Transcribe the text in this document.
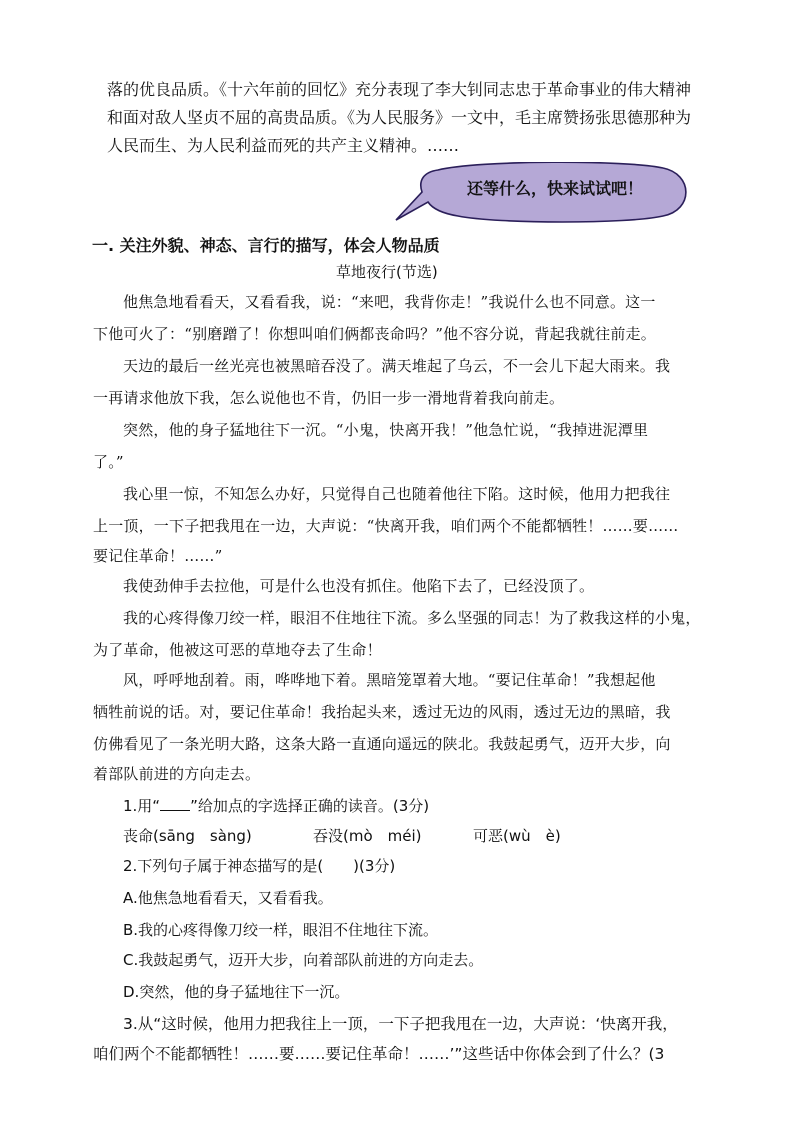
落的优良品质。《十六年前的回忆》充分表现了李大钊同志忠于革命事业的伟大精神
和面对敌人坚贞不屈的高贵品质。《为人民服务》一文中，毛主席赞扬张思德那种为
人民而生、为人民利益而死的共产主义精神。……
还等什么，快来试试吧！
一. 关注外貌、神态、言行的描写，体会人物品质
草地夜行(节选)
他焦急地看看天，又看看我，说：“来吧，我背你走！”我说什么也不同意。这一
下他可火了：“别磨蹭了！你想叫咱们俩都丧命吗？”他不容分说，背起我就往前走。
天边的最后一丝光亮也被黑暗吞没了。满天堆起了乌云，不一会儿下起大雨来。我
一再请求他放下我，怎么说他也不肯，仍旧一步一滑地背着我向前走。
突然，他的身子猛地往下一沉。“小鬼，快离开我！”他急忙说，“我掉进泥潭里
了。”
我心里一惊，不知怎么办好，只觉得自己也随着他往下陷。这时候，他用力把我往
上一顶，一下子把我甩在一边，大声说：“快离开我，咱们两个不能都牺牲！……要……
要记住革命！……”
我使劲伸手去拉他，可是什么也没有抓住。他陷下去了，已经没顶了。
我的心疼得像刀绞一样，眼泪不住地往下流。多么坚强的同志！为了救我这样的小鬼，
为了革命，他被这可恶的草地夺去了生命！
风，呼呼地刮着。雨，哗哗地下着。黑暗笼罩着大地。“要记住革命！”我想起他
牺牲前说的话。对，要记住革命！我抬起头来，透过无边的风雨，透过无边的黑暗，我
仿佛看见了一条光明大路，这条大路一直通向遥远的陕北。我鼓起勇气，迈开大步，向
着部队前进的方向走去。
1.用“ ”给加点的字选择正确的读音。(3分)
丧命(sāng　sàng)	吞没(mò　méi)	可恶(wù　è)
2.下列句子属于神态描写的是( )(3分)
A.他焦急地看看天，又看看我。
B.我的心疼得像刀绞一样，眼泪不住地往下流。
C.我鼓起勇气，迈开大步，向着部队前进的方向走去。
D.突然，他的身子猛地往下一沉。
3.从“这时候，他用力把我往上一顶，一下子把我甩在一边，大声说：‘快离开我，
咱们两个不能都牺牲！……要……要记住革命！……’”这些话中你体会到了什么？(3
